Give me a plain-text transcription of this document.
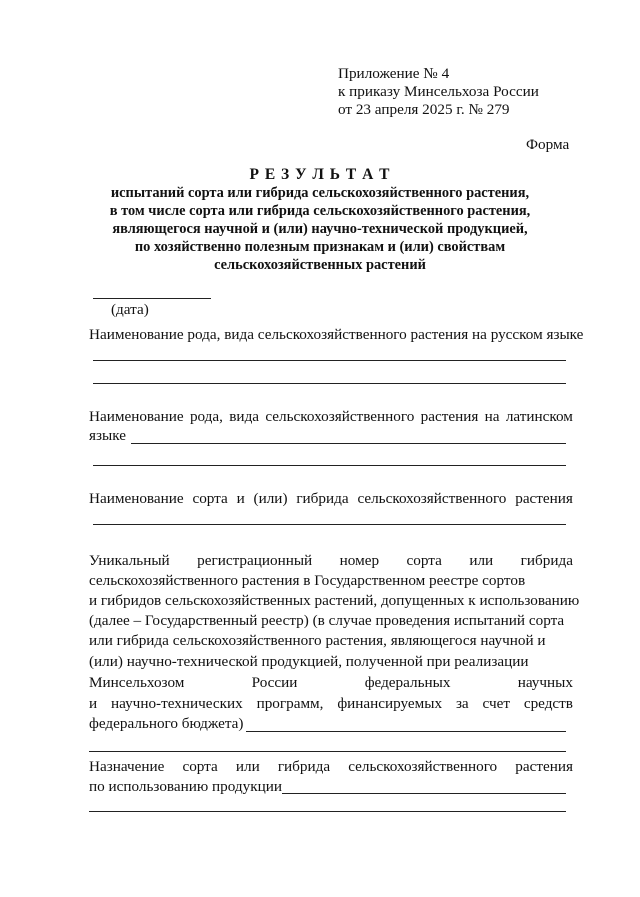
Приложение № 4
к приказу Минсельхоза России
от 23 апреля 2025 г. № 279
Форма
Р Е З У Л Ь Т А Т
испытаний сорта или гибрида сельскохозяйственного растения,
в том числе сорта или гибрида сельскохозяйственного растения,
являющегося научной и (или) научно-технической продукцией,
по хозяйственно полезным признакам и (или) свойствам
сельскохозяйственных растений
(дата)
Наименование рода, вида сельскохозяйственного растения на русском языке
Наименование рода, вида сельскохозяйственного растения на латинском
языке
Наименование сорта и (или) гибрида сельскохозяйственного растения
Уникальный регистрационный номер сорта или гибрида
сельскохозяйственного растения в Государственном реестре сортов
и гибридов сельскохозяйственных растений, допущенных к использованию
(далее – Государственный реестр) (в случае проведения испытаний сорта
или гибрида сельскохозяйственного растения, являющегося научной и
(или) научно-технической продукцией, полученной при реализации
Минсельхозом	России	федеральных	научных
и научно-технических программ, финансируемых за счет средств
федерального бюджета)
Назначение сорта или гибрида сельскохозяйственного растения
по использованию продукции
